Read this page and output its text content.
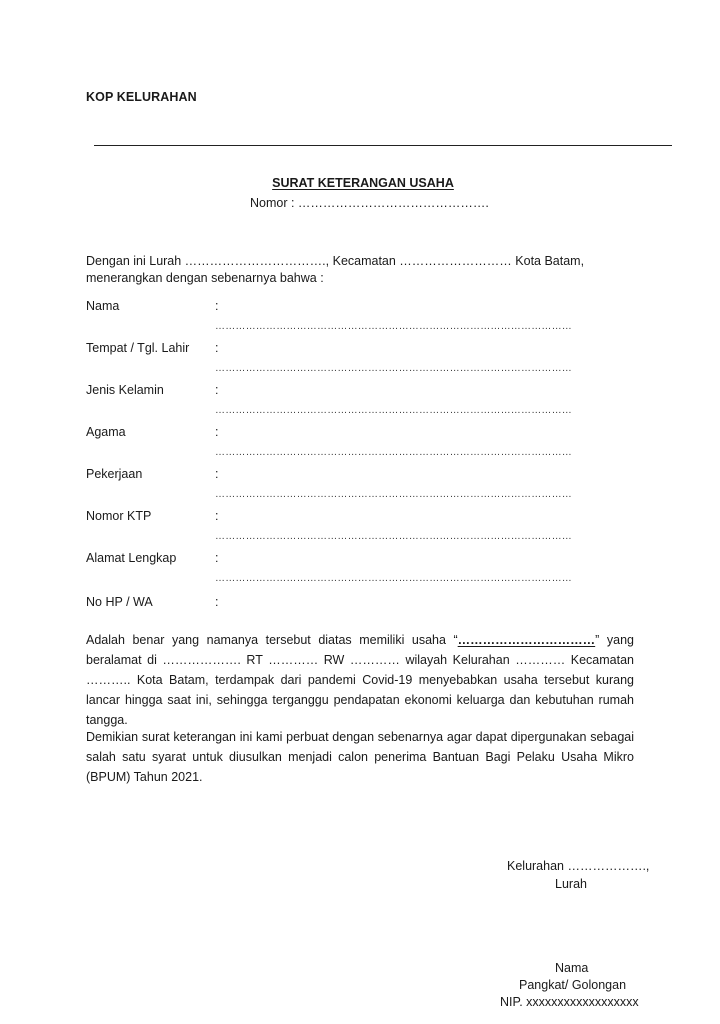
KOP KELURAHAN
SURAT KETERANGAN USAHA
Nomor : ……………………………………….
Dengan ini Lurah ……………………………., Kecamatan ……………………… Kota Batam,
menerangkan dengan sebenarnya bahwa :
Nama	:
……………………………………………………………………………………………
Tempat / Tgl. Lahir :
……………………………………………………………………………………………
Jenis Kelamin	:
……………………………………………………………………………………………
Agama	:
……………………………………………………………………………………………
Pekerjaan	:
……………………………………………………………………………………………
Nomor KTP	:
……………………………………………………………………………………………
Alamat Lengkap	:
……………………………………………………………………………………………
No HP / WA	:
Adalah benar yang namanya tersebut diatas memiliki usaha “……………………………” yang beralamat di ………………. RT ………… RW ………… wilayah Kelurahan ………… Kecamatan ……….. Kota Batam, terdampak dari pandemi Covid-19 menyebabkan usaha tersebut kurang lancar hingga saat ini, sehingga terganggu pendapatan ekonomi keluarga dan kebutuhan rumah tangga.
Demikian surat keterangan ini kami perbuat dengan sebenarnya agar dapat dipergunakan sebagai salah satu syarat untuk diusulkan menjadi calon penerima Bantuan Bagi Pelaku Usaha Mikro (BPUM) Tahun 2021.
Kelurahan ……………….,
Lurah
Nama
Pangkat/ Golongan
NIP. xxxxxxxxxxxxxxxxxx
